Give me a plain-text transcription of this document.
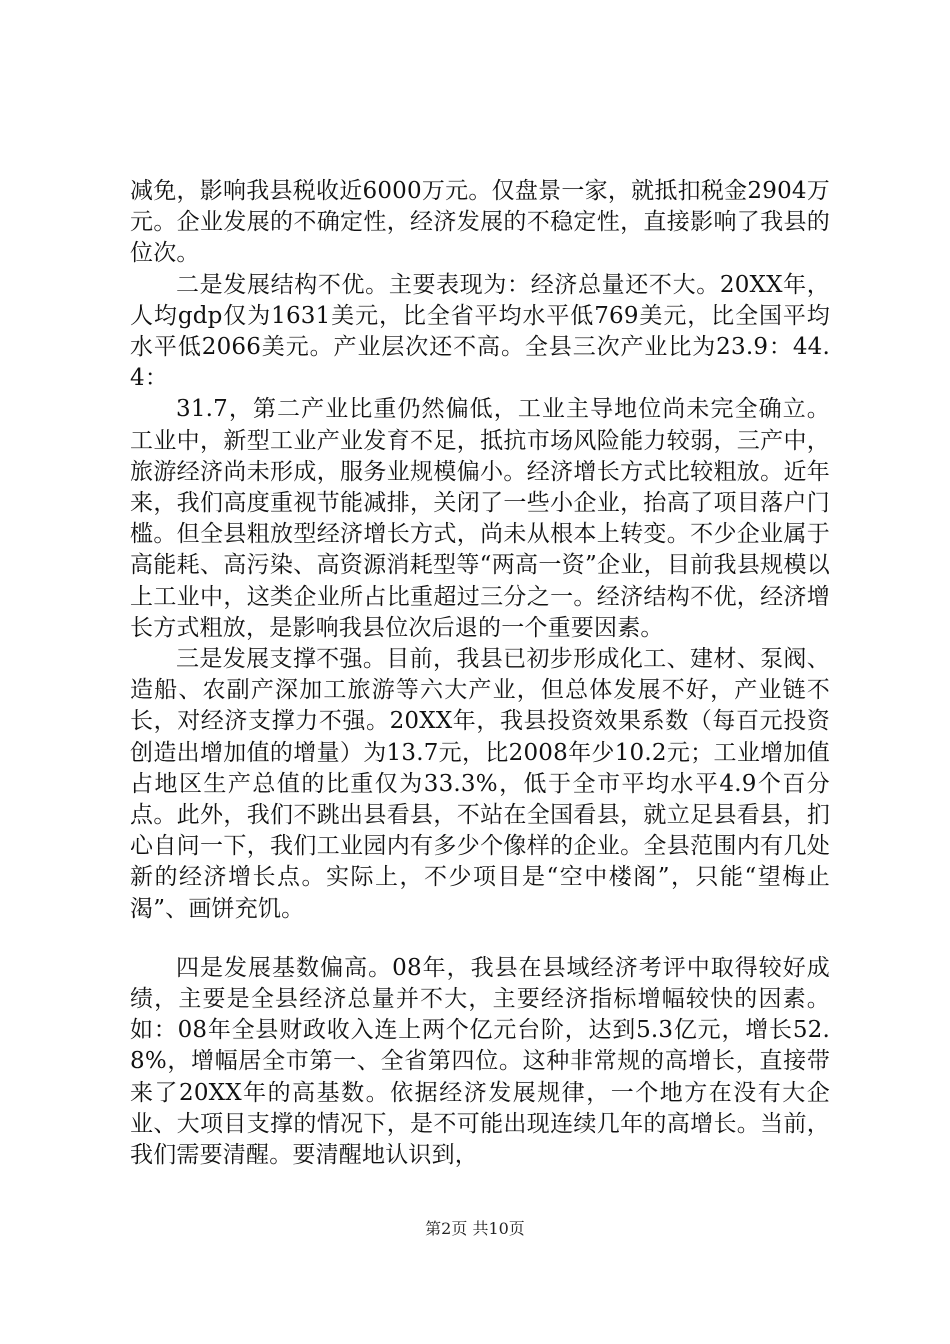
减免，影响我县税收近6000万元。仅盘景一家，就抵扣税金2904万元。企业发展的不确定性，经济发展的不稳定性，直接影响了我县的位次。

二是发展结构不优。主要表现为：经济总量还不大。20XX年，人均gdp仅为1631美元，比全省平均水平低769美元，比全国平均水平低2066美元。产业层次还不高。全县三次产业比为23.9：44.4：

31.7，第二产业比重仍然偏低，工业主导地位尚未完全确立。工业中，新型工业产业发育不足，抵抗市场风险能力较弱，三产中，旅游经济尚未形成，服务业规模偏小。经济增长方式比较粗放。近年来，我们高度重视节能减排，关闭了一些小企业，抬高了项目落户门槛。但全县粗放型经济增长方式，尚未从根本上转变。不少企业属于高能耗、高污染、高资源消耗型等“两高一资”企业，目前我县规模以上工业中，这类企业所占比重超过三分之一。经济结构不优，经济增长方式粗放，是影响我县位次后退的一个重要因素。

三是发展支撑不强。目前，我县已初步形成化工、建材、泵阀、造船、农副产深加工旅游等六大产业，但总体发展不好，产业链不长，对经济支撑力不强。20XX年，我县投资效果系数（每百元投资创造出增加值的增量）为13.7元，比2008年少10.2元；工业增加值占地区生产总值的比重仅为33.3%，低于全市平均水平4.9个百分点。此外，我们不跳出县看县，不站在全国看县，就立足县看县，扪心自问一下，我们工业园内有多少个像样的企业。全县范围内有几处新的经济增长点。实际上，不少项目是“空中楼阁”，只能“望梅止渴”、画饼充饥。

四是发展基数偏高。08年，我县在县域经济考评中取得较好成绩，主要是全县经济总量并不大，主要经济指标增幅较快的因素。如：08年全县财政收入连上两个亿元台阶，达到5.3亿元，增长52.8%，增幅居全市第一、全省第四位。这种非常规的高增长，直接带来了20XX年的高基数。依据经济发展规律，一个地方在没有大企业、大项目支撑的情况下，是不可能出现连续几年的高增长。当前，我们需要清醒。要清醒地认识到，

第2页 共10页
